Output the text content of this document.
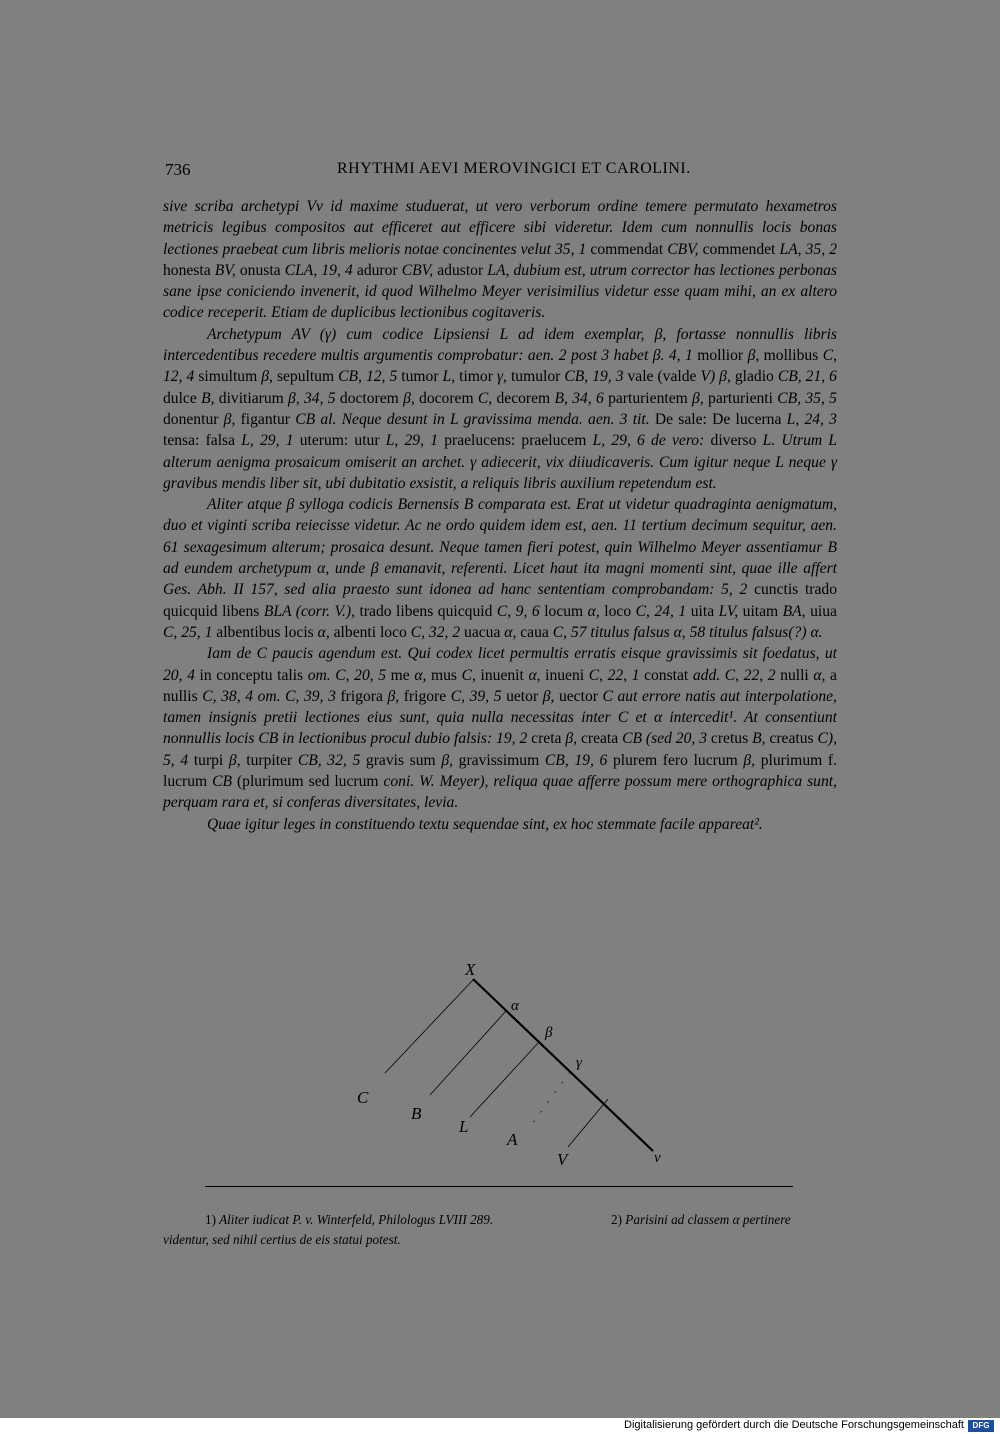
736	RHYTHMI AEVI MEROVINGICI ET CAROLINI.

sive scriba archetypi Vv id maxime studuerat, ut vero verborum ordine temere permutato hexametros metricis legibus compositos aut efficeret aut efficere sibi videretur. Idem cum nonnullis locis bonas lectiones praebeat cum libris melioris notae concinentes velut 35, 1 commendat CBV, commendet LA, 35, 2 honesta BV, onusta CLA, 19, 4 aduror CBV, adustor LA, dubium est, utrum corrector has lectiones perbonas sane ipse coniciendo invenerit, id quod Wilhelmo Meyer verisimilius videtur esse quam mihi, an ex altero codice receperit. Etiam de duplicibus lectionibus cogitaveris.

Archetypum AV (γ) cum codice Lipsiensi L ad idem exemplar, β, fortasse nonnullis libris intercedentibus recedere multis argumentis comprobatur: aen. 2 post 3 habet β. 4, 1 mollior β, mollibus C, 12, 4 simultum β, sepultum CB, 12, 5 tumor L, timor γ, tumulor CB, 19, 3 vale (valde V) β, gladio CB, 21, 6 dulce B, divitiarum β, 34, 5 doctorem β, docorem C, decorem B, 34, 6 parturientem β, parturienti CB, 35, 5 donentur β, figantur CB al. Neque desunt in L gravissima menda. aen. 3 tit. De sale: De lucerna L, 24, 3 tensa: falsa L, 29, 1 uterum: utur L, 29, 1 praelucens: praelucem L, 29, 6 de vero: diverso L. Utrum L alterum aenigma prosaicum omiserit an archet. γ adiecerit, vix diiudicaveris. Cum igitur neque L neque γ gravibus mendis liber sit, ubi dubitatio exsistit, a reliquis libris auxilium repetendum est.

Aliter atque β sylloga codicis Bernensis B comparata est. Erat ut videtur quadraginta aenigmatum, duo et viginti scriba reiecisse videtur. Ac ne ordo quidem idem est, aen. 11 tertium decimum sequitur, aen. 61 sexagesimum alterum; prosaica desunt. Neque tamen fieri potest, quin Wilhelmo Meyer assentiamur B ad eundem archetypum α, unde β emanavit, referenti. Licet haut ita magni momenti sint, quae ille affert Ges. Abh. II 157, sed alia praesto sunt idonea ad hanc sententiam comprobandam: 5, 2 cunctis trado quicquid libens BLA (corr. V.), trado libens quicquid C, 9, 6 locum α, loco C, 24, 1 uita LV, uitam BA, uiua C, 25, 1 albentibus locis α, albenti loco C, 32, 2 uacua α, caua C, 57 titulus falsus α, 58 titulus falsus(?) α.

Iam de C paucis agendum est. Qui codex licet permultis erratis eisque gravissimis sit foedatus, ut 20, 4 in conceptu talis om. C, 20, 5 me α, mus C, inuenit α, inueni C, 22, 1 constat add. C, 22, 2 nulli α, a nullis C, 38, 4 om. C, 39, 3 frigora β, frigore C, 39, 5 uetor β, uector C aut errore natis aut interpolatione, tamen insignis pretii lectiones eius sunt, quia nulla necessitas inter C et α intercedit¹. At consentiunt nonnullis locis CB in lectionibus procul dubio falsis: 19, 2 creta β, creata CB (sed 20, 3 cretus B, creatus C), 5, 4 turpi β, turpiter CB, 32, 5 gravis sum β, gravissimum CB, 19, 6 plurem fero lucrum β, plurimum f. lucrum CB (plurimum sed lucrum coni. W. Meyer), reliqua quae afferre possum mere orthographica sunt, perquam rara et, si conferas diversitates, levia.

Quae igitur leges in constituendo textu sequendae sint, ex hoc stemmate facile appareat².

X
α
β
γ
C
B
L
A
V	v
1) Aliter iudicat P. v. Winterfeld, Philologus LVIII 289.	2) Parisini ad classem α pertinere
videntur, sed nihil certius de eis statui potest.
Digitalisierung gefördert durch die Deutsche Forschungsgemeinschaft	DFG
